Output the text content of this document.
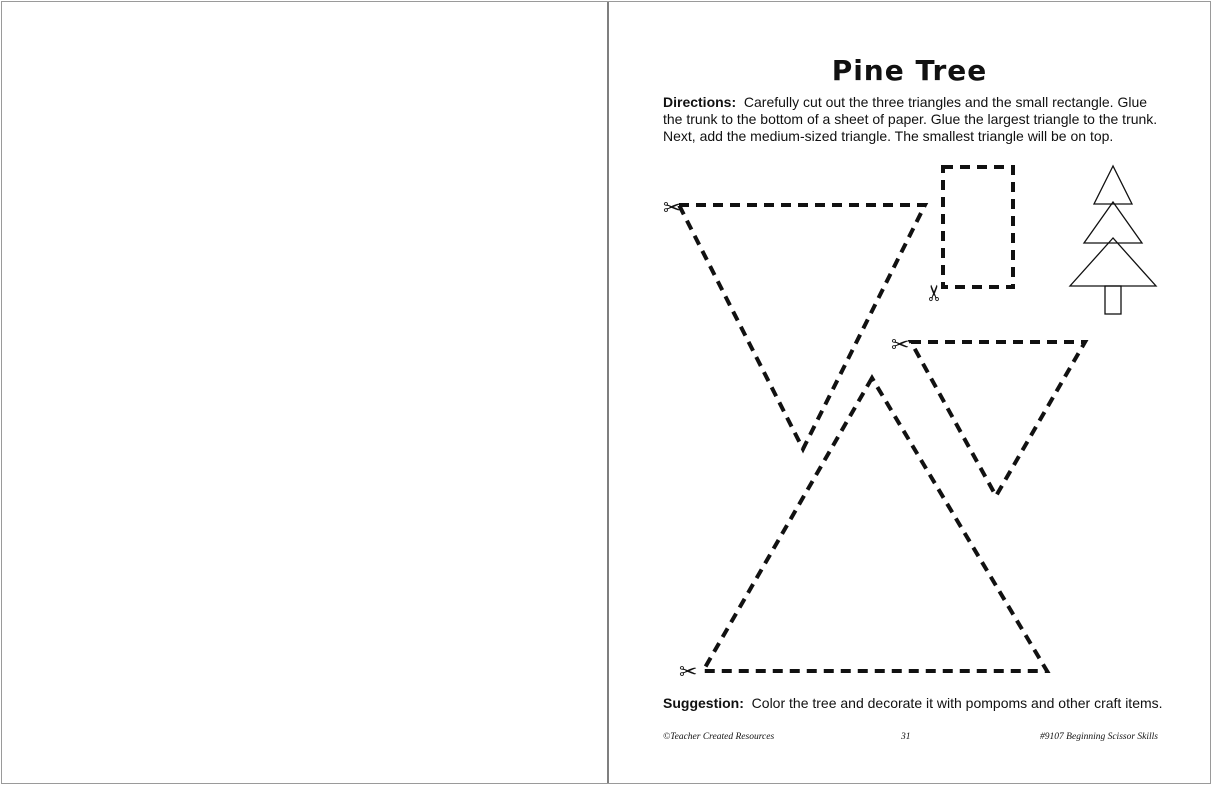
Pine Tree
Directions: Carefully cut out the three triangles and the small rectangle. Glue the trunk to the bottom of a sheet of paper. Glue the largest triangle to the trunk. Next, add the medium-sized triangle. The smallest triangle will be on top.
✂
✂
✂
✂
Suggestion: Color the tree and decorate it with pompoms and other craft items.
©Teacher Created Resources	31	#9107 Beginning Scissor Skills
